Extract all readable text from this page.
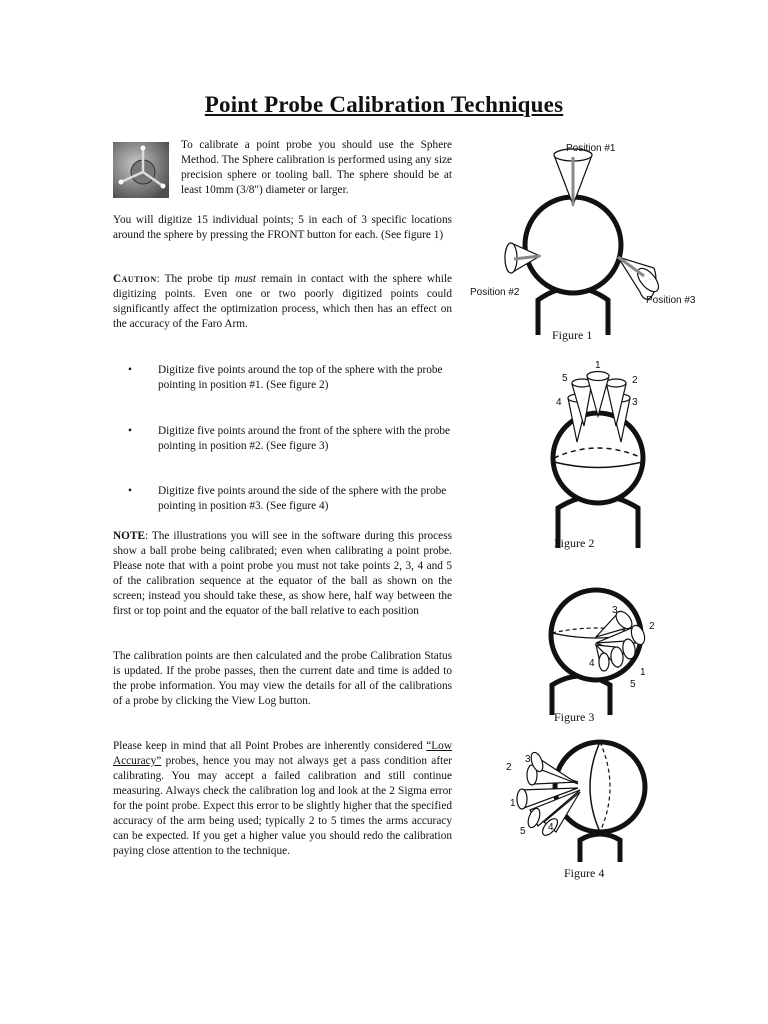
Point Probe Calibration Techniques

To calibrate a point probe you should use the Sphere Method. The Sphere calibration is performed using any size precision sphere or tooling ball. The sphere should be at least 10mm (3/8") diameter or larger.

You will digitize 15 individual points; 5 in each of 3 specific locations around the sphere by pressing the FRONT button for each. (See figure 1)

Caution: The probe tip must remain in contact with the sphere while digitizing points. Even one or two poorly digitized points could significantly affect the optimization process, which then has an effect on the accuracy of the Faro Arm.

• Digitize five points around the top of the sphere with the probe pointing in position #1. (See figure 2)
• Digitize five points around the front of the sphere with the probe pointing in position #2. (See figure 3)
• Digitize five points around the side of the sphere with the probe pointing in position #3. (See figure 4)

NOTE: The illustrations you will see in the software during this process show a ball probe being calibrated; even when calibrating a point probe. Please note that with a point probe you must not take points 2, 3, 4 and 5 of the calibration sequence at the equator of the ball as shown on the screen; instead you should take these, as show here, half way between the first or top point and the equator of the ball relative to each position

The calibration points are then calculated and the probe Calibration Status is updated. If the probe passes, then the current date and time is added to the probe information. You may view the details for all of the calibrations of a probe by clicking the View Log button.

Please keep in mind that all Point Probes are inherently considered “Low Accuracy” probes, hence you may not always get a pass condition after calibrating. You may accept a failed calibration and still continue measuring. Always check the calibration log and look at the 2 Sigma error for the point probe. Expect this error to be slightly higher that the specified accuracy of the arm being used; typically 2 to 5 times the arms accuracy can be expected. If you get a higher value you should redo the calibration paying close attention to the technique.

Position #1
Position #2
Position #3
Figure 1
1
2
3
4
5
Figure 2
1
2
3
4
5
Figure 3
1
2
3
4
5
Figure 4
